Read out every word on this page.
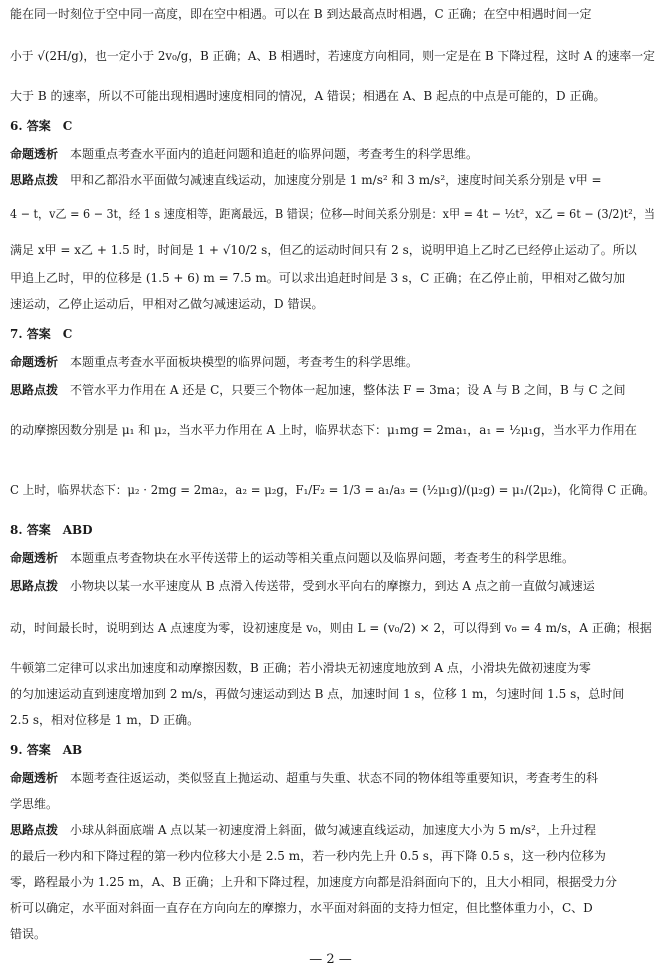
能在同一时刻位于空中同一高度，即在空中相遇。可以在 B 到达最高点时相遇，C 正确；在空中相遇时间一定
小于 √(2H/g)，也一定小于 2v₀/g，B 正确；A、B 相遇时，若速度方向相同，则一定是在 B 下降过程，这时 A 的速率一定
大于 B 的速率，所以不可能出现相遇时速度相同的情况，A 错误；相遇在 A、B 起点的中点是可能的，D 正确。
6. 答案　C
命题透析　本题重点考查水平面内的追赶问题和追赶的临界问题，考查考生的科学思维。
思路点拨　甲和乙都沿水平面做匀减速直线运动，加速度分别是 1 m/s² 和 3 m/s²，速度时间关系分别是 v甲 =
4 − t，v乙 = 6 − 3t，经 1 s 速度相等，距离最远，B 错误；位移—时间关系分别是：x甲 = 4t − ½t²，x乙 = 6t − (3/2)t²，当
满足 x甲 = x乙 + 1.5 时，时间是 1 + √10/2 s，但乙的运动时间只有 2 s，说明甲追上乙时乙已经停止运动了。所以
甲追上乙时，甲的位移是 (1.5 + 6) m = 7.5 m。可以求出追赶时间是 3 s，C 正确；在乙停止前，甲相对乙做匀加
速运动，乙停止运动后，甲相对乙做匀减速运动，D 错误。
7. 答案　C
命题透析　本题重点考查水平面板块模型的临界问题，考查考生的科学思维。
思路点拨　不管水平力作用在 A 还是 C，只要三个物体一起加速，整体法 F = 3ma；设 A 与 B 之间，B 与 C 之间
的动摩擦因数分别是 μ₁ 和 μ₂，当水平力作用在 A 上时，临界状态下：μ₁mg = 2ma₁，a₁ = ½μ₁g，当水平力作用在
C 上时，临界状态下：μ₂ · 2mg = 2ma₂，a₂ = μ₂g，F₁/F₂ = 1/3 = a₁/a₃ = (½μ₁g)/(μ₂g) = μ₁/(2μ₂)，化简得 C 正确。
8. 答案　ABD
命题透析　本题重点考查物块在水平传送带上的运动等相关重点问题以及临界问题，考查考生的科学思维。
思路点拨　小物块以某一水平速度从 B 点滑入传送带，受到水平向右的摩擦力，到达 A 点之前一直做匀减速运
动，时间最长时，说明到达 A 点速度为零，设初速度是 v₀，则由 L = (v₀/2) × 2，可以得到 v₀ = 4 m/s，A 正确；根据
牛顿第二定律可以求出加速度和动摩擦因数，B 正确；若小滑块无初速度地放到 A 点，小滑块先做初速度为零
的匀加速运动直到速度增加到 2 m/s，再做匀速运动到达 B 点，加速时间 1 s，位移 1 m，匀速时间 1.5 s，总时间
2.5 s，相对位移是 1 m，D 正确。
9. 答案　AB
命题透析　本题考查往返运动，类似竖直上抛运动、超重与失重、状态不同的物体组等重要知识，考查考生的科
学思维。
思路点拨　小球从斜面底端 A 点以某一初速度滑上斜面，做匀减速直线运动，加速度大小为 5 m/s²，上升过程
的最后一秒内和下降过程的第一秒内位移大小是 2.5 m，若一秒内先上升 0.5 s，再下降 0.5 s，这一秒内位移为
零，路程最小为 1.25 m，A、B 正确；上升和下降过程，加速度方向都是沿斜面向下的，且大小相同，根据受力分
析可以确定，水平面对斜面一直存在方向向左的摩擦力，水平面对斜面的支持力恒定，但比整体重力小，C、D
错误。
— 2 —
